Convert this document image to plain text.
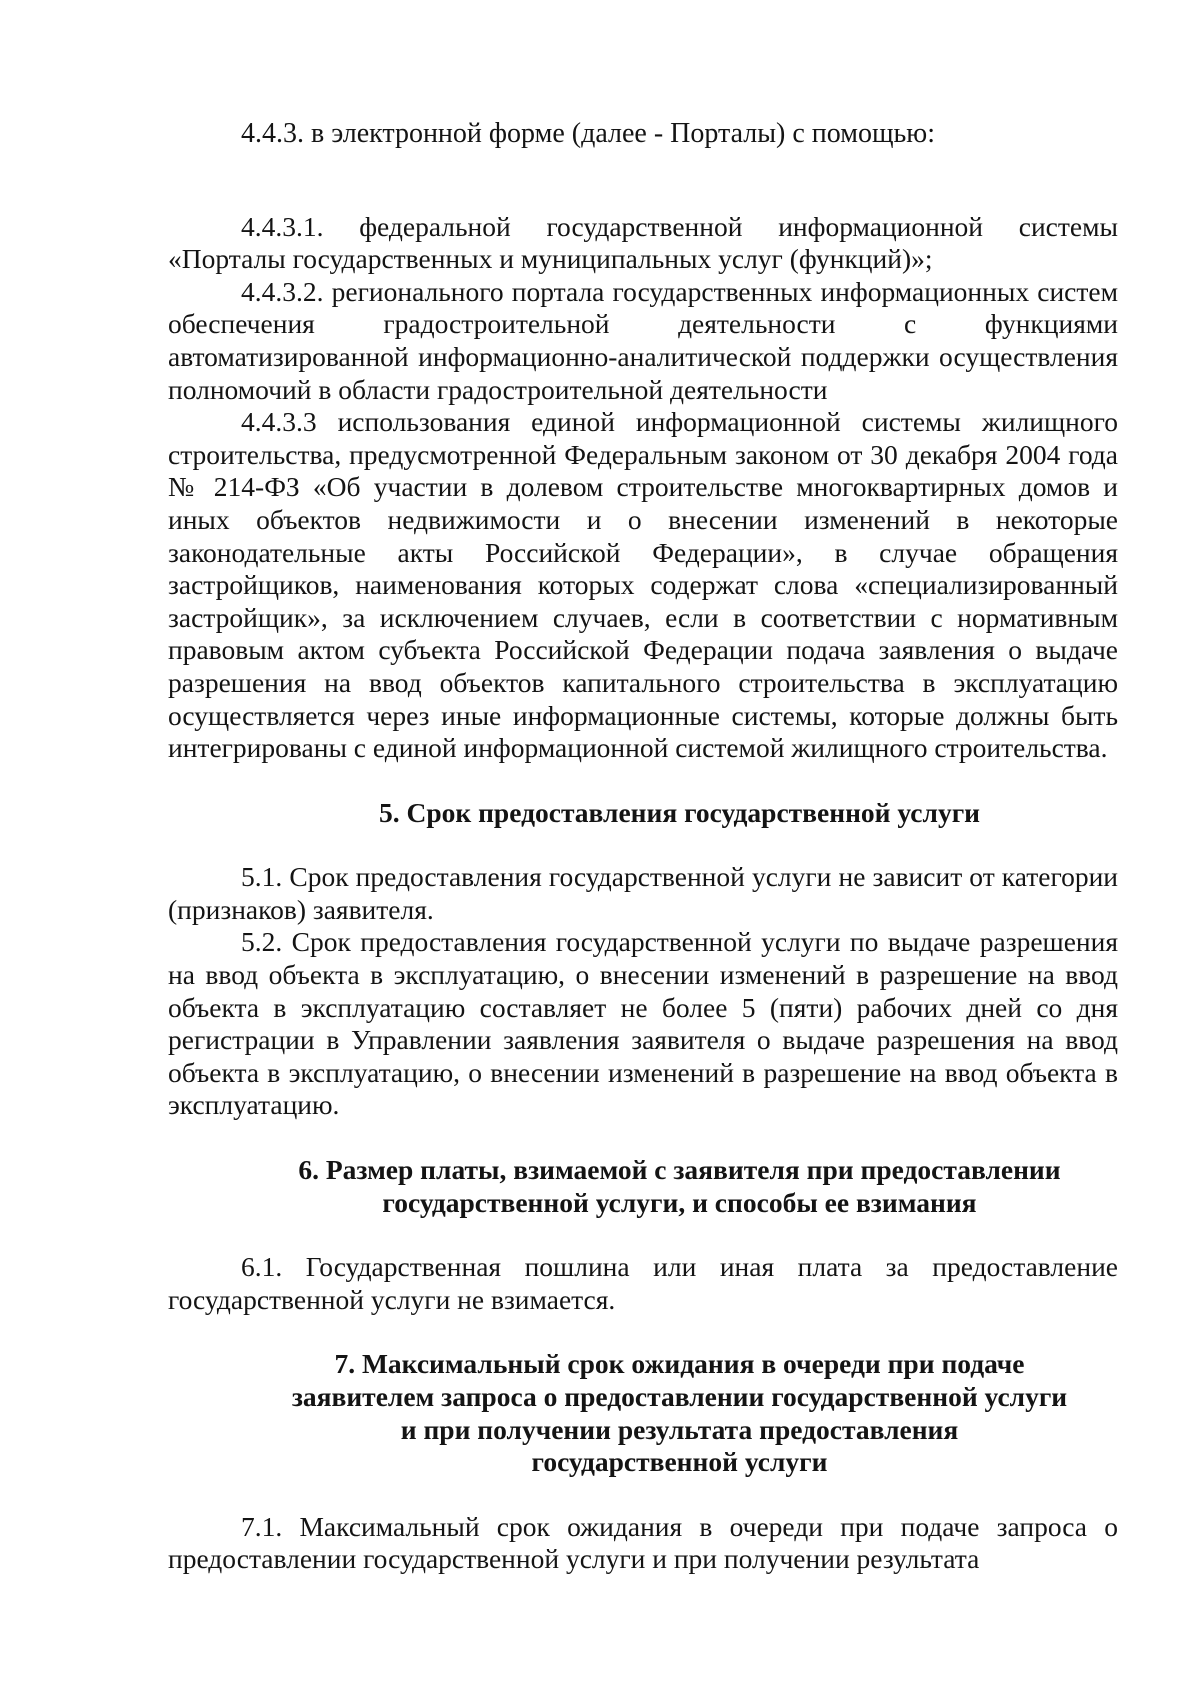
4.4.3. в электронной форме (далее - Порталы) с помощью:

4.4.3.1. федеральной государственной информационной системы «Порталы государственных и муниципальных услуг (функций)»;

4.4.3.2. регионального портала государственных информационных систем обеспечения градостроительной деятельности с функциями автоматизированной информационно-аналитической поддержки осуществления полномочий в области градостроительной деятельности

4.4.3.3 использования единой информационной системы жилищного строительства, предусмотренной Федеральным законом от 30 декабря 2004 года № 214-ФЗ «Об участии в долевом строительстве многоквартирных домов и иных объектов недвижимости и о внесении изменений в некоторые законодательные акты Российской Федерации», в случае обращения застройщиков, наименования которых содержат слова «специализированный застройщик», за исключением случаев, если в соответствии с нормативным правовым актом субъекта Российской Федерации подача заявления о выдаче разрешения на ввод объектов капитального строительства в эксплуатацию осуществляется через иные информационные системы, которые должны быть интегрированы с единой информационной системой жилищного строительства.

5. Срок предоставления государственной услуги

5.1. Срок предоставления государственной услуги не зависит от категории (признаков) заявителя.

5.2. Срок предоставления государственной услуги по выдаче разрешения на ввод объекта в эксплуатацию, о внесении изменений в разрешение на ввод объекта в эксплуатацию составляет не более 5 (пяти) рабочих дней со дня регистрации в Управлении заявления заявителя о выдаче разрешения на ввод объекта в эксплуатацию, о внесении изменений в разрешение на ввод объекта в эксплуатацию.

6. Размер платы, взимаемой с заявителя при предоставлении
государственной услуги, и способы ее взимания

6.1. Государственная пошлина или иная плата за предоставление государственной услуги не взимается.

7. Максимальный срок ожидания в очереди при подаче
заявителем запроса о предоставлении государственной услуги
и при получении результата предоставления
государственной услуги

7.1. Максимальный срок ожидания в очереди при подаче запроса о предоставлении государственной услуги и при получении результата
